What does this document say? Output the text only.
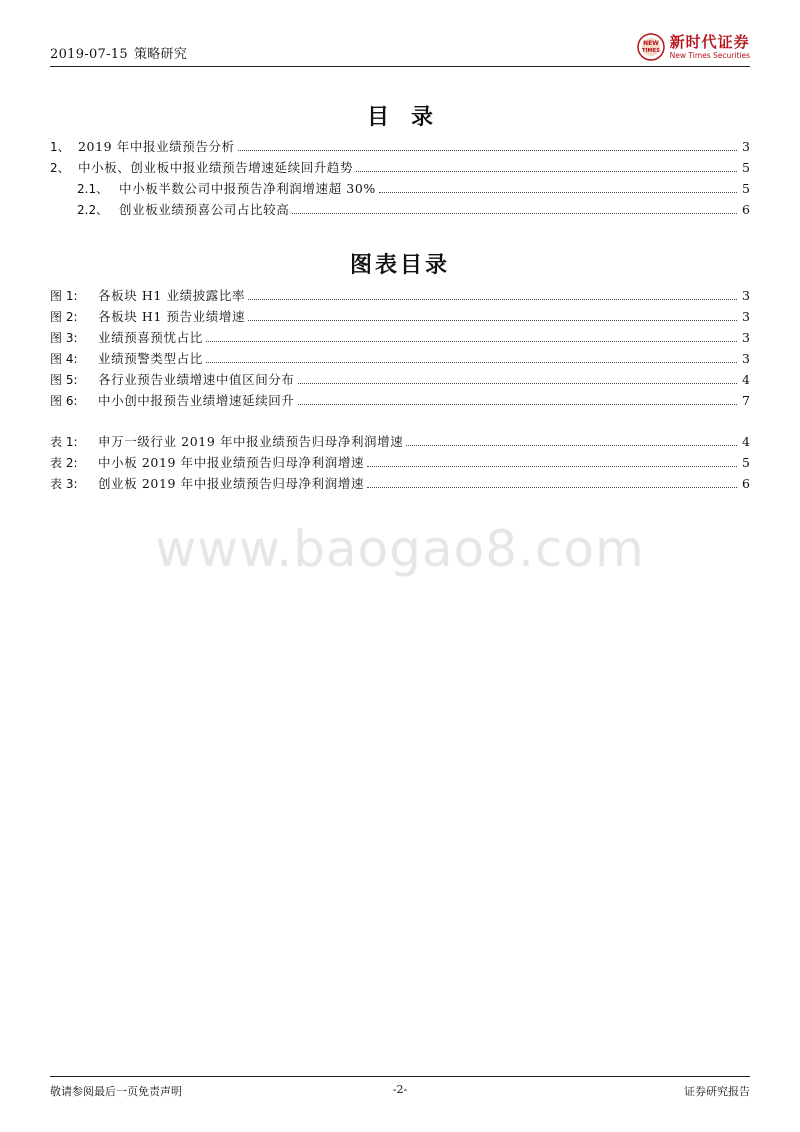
2019-07-15 策略研究
NEW
TIMES
新时代证券
New Times Securities
目录
1、 2019 年中报业绩预告分析	3
2、 中小板、创业板中报业绩预告增速延续回升趋势	5
2.1、 中小板半数公司中报预告净利润增速超 30%	5
2.2、 创业板业绩预喜公司占比较高	6
图表目录
图 1:	各板块 H1 业绩披露比率	3
图 2:	各板块 H1 预告业绩增速	3
图 3:	业绩预喜预忧占比	3
图 4:	业绩预警类型占比	3
图 5:	各行业预告业绩增速中值区间分布	4
图 6:	中小创中报预告业绩增速延续回升	7
表 1:	申万一级行业 2019 年中报业绩预告归母净利润增速	4
表 2:	中小板 2019 年中报业绩预告归母净利润增速	5
表 3:	创业板 2019 年中报业绩预告归母净利润增速	6
www.baogao8.com
敬请参阅最后一页免责声明	-2-	证券研究报告
